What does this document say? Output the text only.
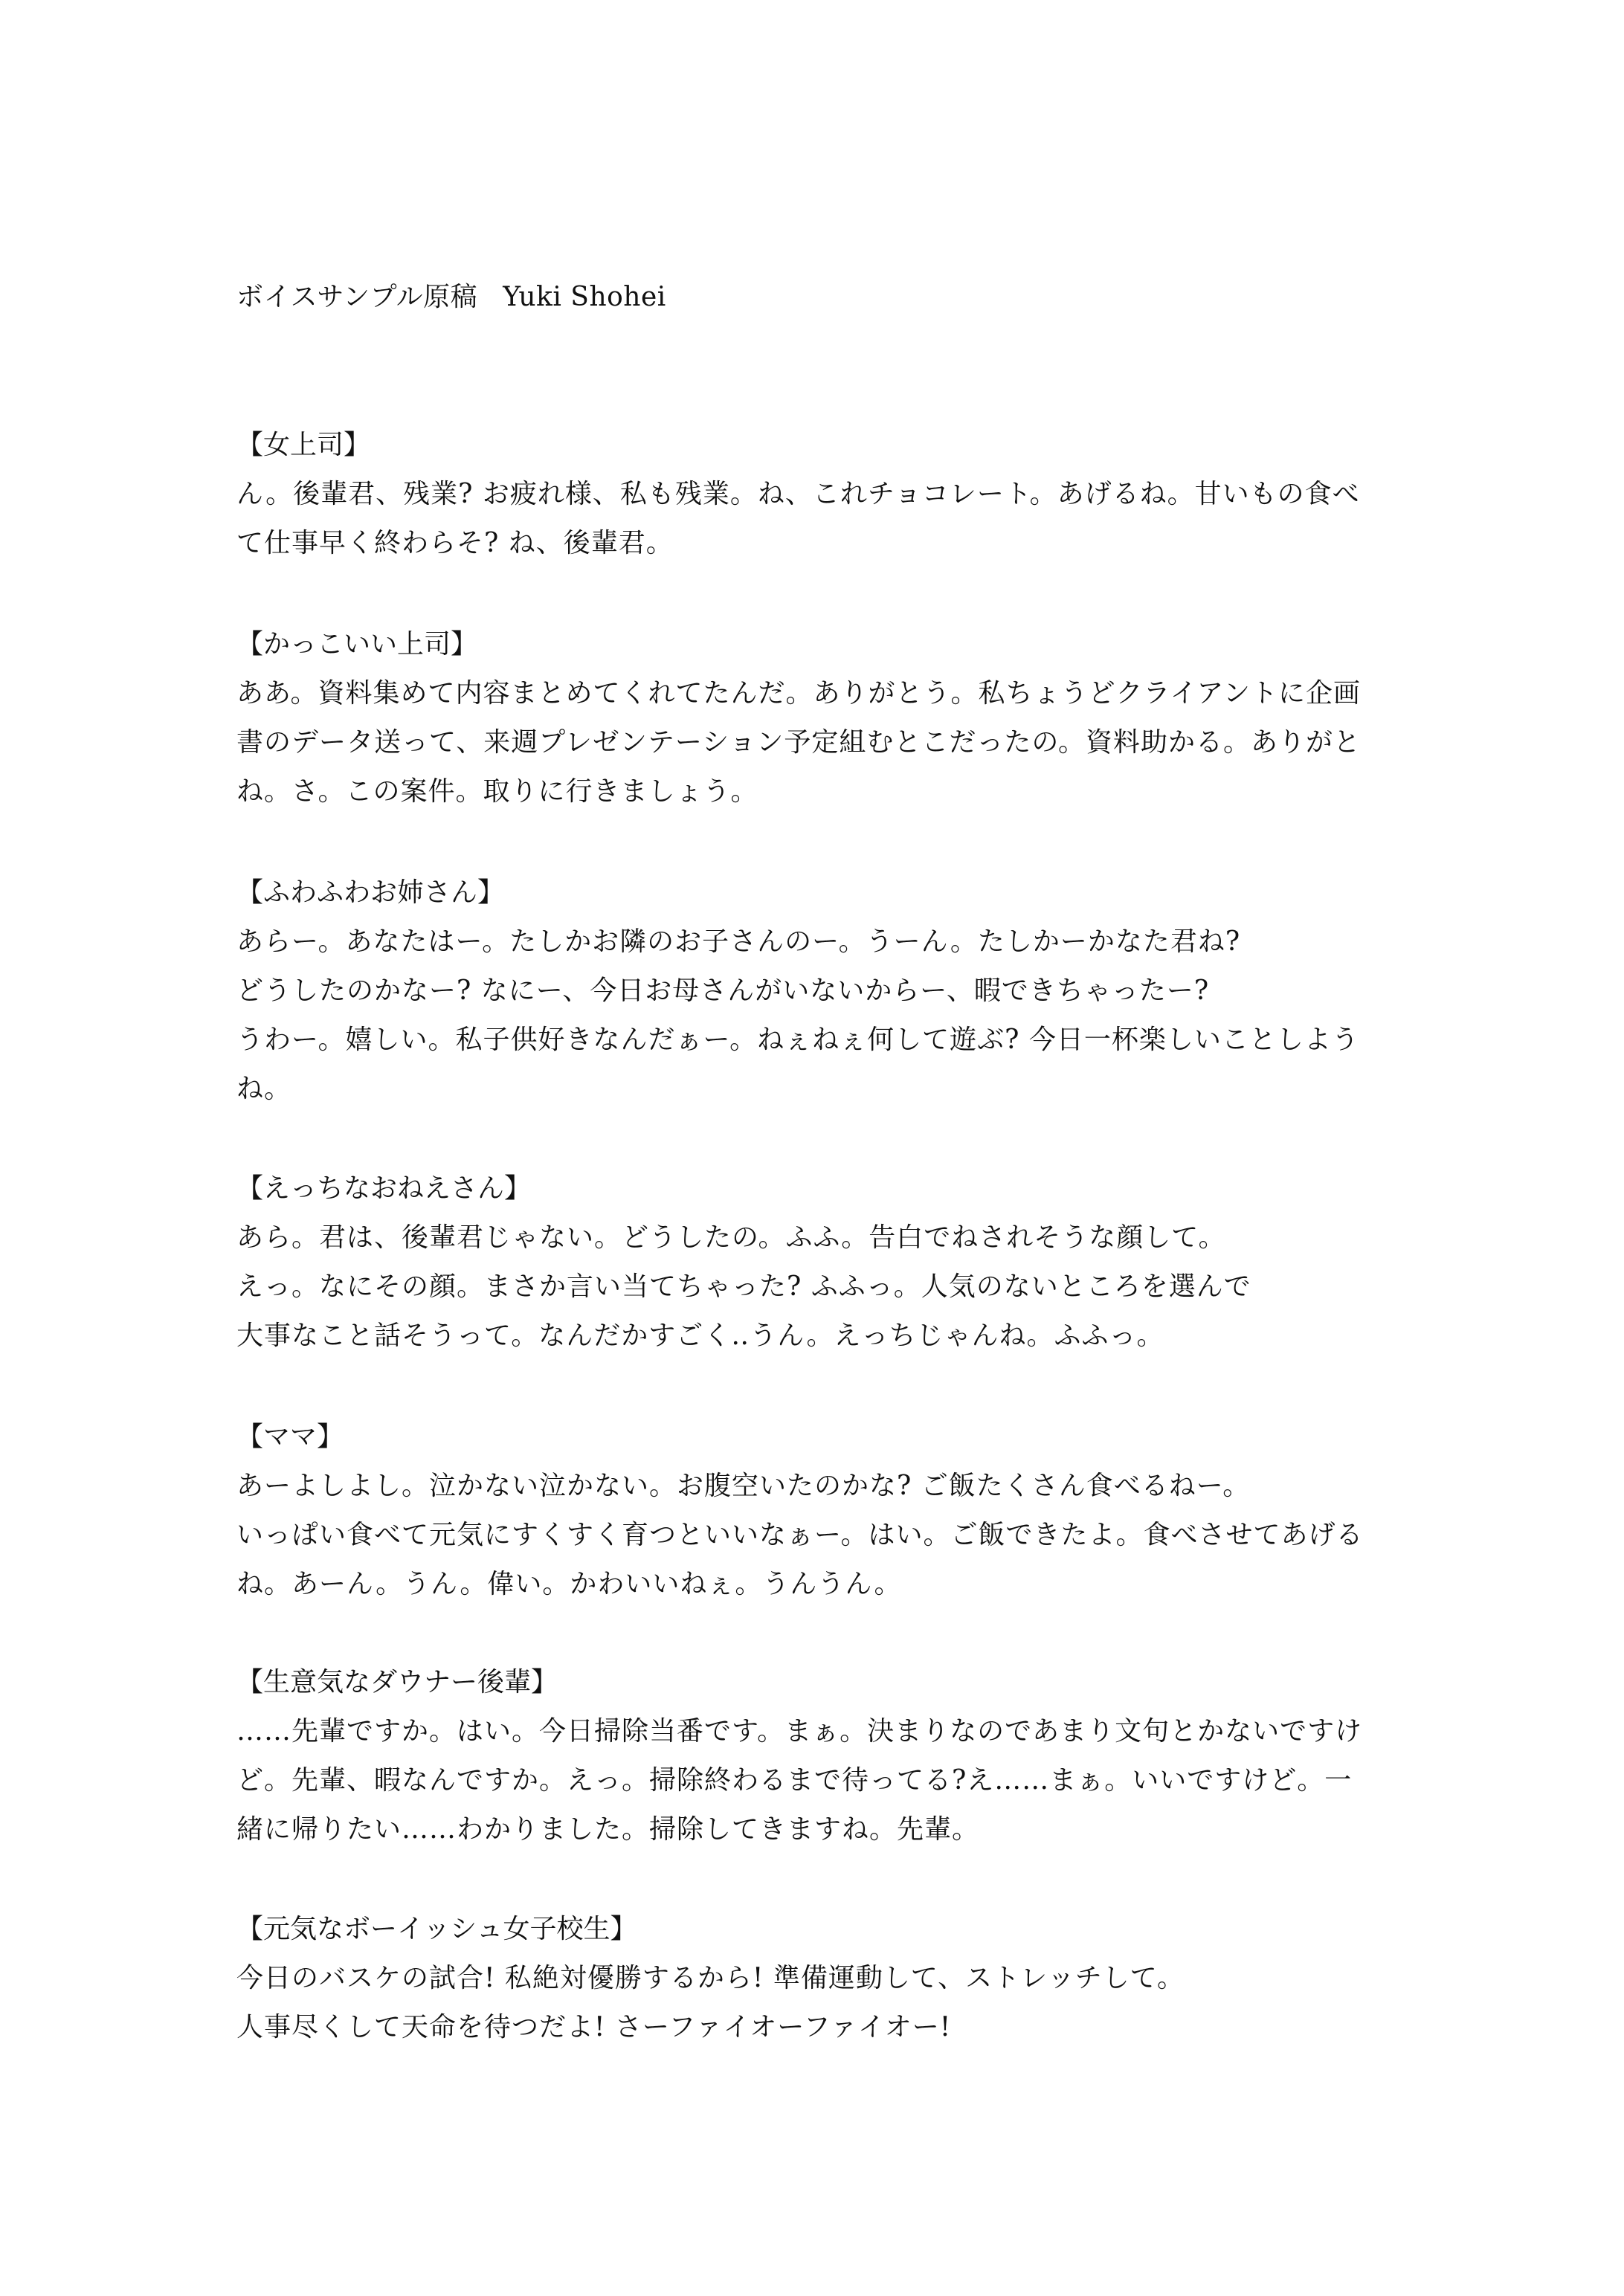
ボイスサンプル原稿 Yuki Shohei
【女上司】
ん。後輩君、残業? お疲れ様、私も残業。ね、これチョコレート。あげるね。甘いもの食べ
て仕事早く終わらそ? ね、後輩君。
【かっこいい上司】
ああ。資料集めて内容まとめてくれてたんだ。ありがとう。私ちょうどクライアントに企画
書のデータ送って、来週プレゼンテーション予定組むとこだったの。資料助かる。ありがと
ね。さ。この案件。取りに行きましょう。
【ふわふわお姉さん】
あらー。あなたはー。たしかお隣のお子さんのー。うーん。たしかーかなた君ね?
どうしたのかなー? なにー、今日お母さんがいないからー、暇できちゃったー?
うわー。嬉しい。私子供好きなんだぁー。ねぇねぇ何して遊ぶ? 今日一杯楽しいことしよう
ね。
【えっちなおねえさん】
あら。君は、後輩君じゃない。どうしたの。ふふ。告白でねされそうな顔して。
えっ。なにその顔。まさか言い当てちゃった? ふふっ。人気のないところを選んで
大事なこと話そうって。なんだかすごく‥うん。えっちじゃんね。ふふっ。
【ママ】
あーよしよし。泣かない泣かない。お腹空いたのかな? ご飯たくさん食べるねー。
いっぱい食べて元気にすくすく育つといいなぁー。はい。ご飯できたよ。食べさせてあげる
ね。あーん。うん。偉い。かわいいねぇ。うんうん。
【生意気なダウナー後輩】
……先輩ですか。はい。今日掃除当番です。まぁ。決まりなのであまり文句とかないですけ
ど。先輩、暇なんですか。えっ。掃除終わるまで待ってる?え……まぁ。いいですけど。一
緒に帰りたい……わかりました。掃除してきますね。先輩。
【元気なボーイッシュ女子校生】
今日のバスケの試合! 私絶対優勝するから! 準備運動して、ストレッチして。
人事尽くして天命を待つだよ! さーファイオーファイオー!
